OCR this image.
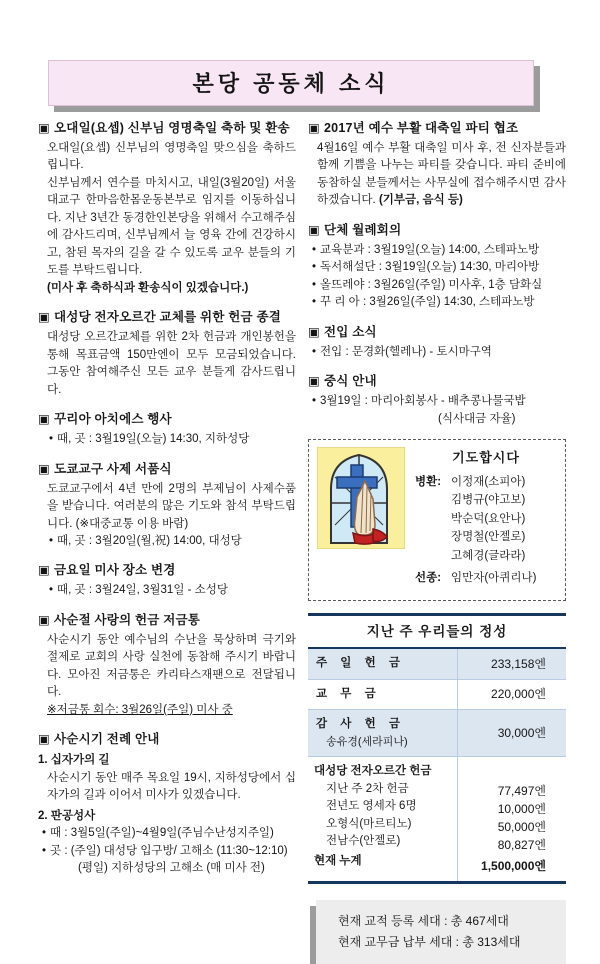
본당 공동체 소식
▣ 오대일(요셉) 신부님 영명축일 축하 및 환송

오대일(요셉) 신부님의 영명축일 맞으심을 축하드립니다.

신부님께서 연수를 마치시고, 내일(3월20일) 서울대교구 한마음한몸운동본부로 임지를 이동하십니다. 지난 3년간 동경한인본당을 위해서 수고해주심에 감사드리며, 신부님께서 늘 영육 간에 건강하시고, 참된 목자의 길을 갈 수 있도록 교우 분들의 기도를 부탁드립니다.

(미사 후 축하식과 환송식이 있겠습니다.)

▣ 대성당 전자오르간 교체를 위한 헌금 종결

대성당 오르간교체를 위한 2차 헌금과 개인봉헌을 통해 목표금액 150만엔이 모두 모금되었습니다. 그동안 참여해주신 모든 교우 분들게 감사드립니다.

▣ 꾸리아 아치에스 행사

• 때, 곳 : 3월19일(오늘) 14:30, 지하성당

▣ 도쿄교구 사제 서품식

도쿄교구에서 4년 만에 2명의 부제님이 사제수품을 받습니다. 여러분의 많은 기도와 참석 부탁드립니다. (※대중교통 이용 바람)

• 때, 곳 : 3월20일(월,祝) 14:00, 대성당

▣ 금요일 미사 장소 변경

• 때, 곳 : 3월24일, 3월31일 - 소성당

▣ 사순절 사랑의 헌금 저금통

사순시기 동안 예수님의 수난을 묵상하며 극기와 절제로 교회의 사랑 실천에 동참해 주시기 바랍니다. 모아진 저금통은 카리타스재팬으로 전달됩니다.

※저금통 회수: 3월26일(주일) 미사 중

▣ 사순시기 전례 안내
1. 십자가의 길

사순시기 동안 매주 목요일 19시, 지하성당에서 십자가의 길과 이어서 미사가 있겠습니다.

2. 판공성사

• 때 : 3월5일(주일)~4월9일(주님수난성지주일)

• 곳 : (주일) 대성당 입구방/ 고해소 (11:30~12:10)

(평일) 지하성당의 고해소 (매 미사 전)

▣ 2017년 예수 부활 대축일 파티 협조

4월16일 예수 부활 대축일 미사 후, 전 신자분들과 함께 기쁨을 나누는 파티를 갖습니다. 파티 준비에 동참하실 분들께서는 사무실에 접수해주시면 감사하겠습니다. (기부금, 음식 등)

▣ 단체 월례회의

• 교육분과 : 3월19일(오늘) 14:00, 스테파노방

• 독서해설단 : 3월19일(오늘) 14:30, 마리아방

• 올뜨레야 : 3월26일(주일) 미사후, 1층 담화실

• 꾸 리 아 : 3월26일(주일) 14:30, 스테파노방

▣ 전입 소식

• 전입 : 문경화(헬레나) - 토시마구역

▣ 중식 안내

• 3월19일 : 마리아회봉사 - 배추콩나물국밥

(식사대금 자율)

기도합시다
병환: 이정재(소피아)
김병규(야고보)
박순덕(요안나)
장명철(안젤로)
고혜경(글라라)
선종: 임만자(아퀴리나)
지난 주 우리들의 정성
주 일 헌 금	233,158엔
교 무 금	220,000엔
감 사 헌 금
송유경(세라피나)
30,000엔
대성당 전자오르간 헌금
지난 주 2차 헌금
전년도 영세자 6명
오형식(마르티노)
전남수(안젤로)
현재 누계
77,497엔
10,000엔
50,000엔
80,827엔
1,500,000엔
현재 교적 등록 세대 : 총 467세대
현재 교무금 납부 세대 : 총 313세대
